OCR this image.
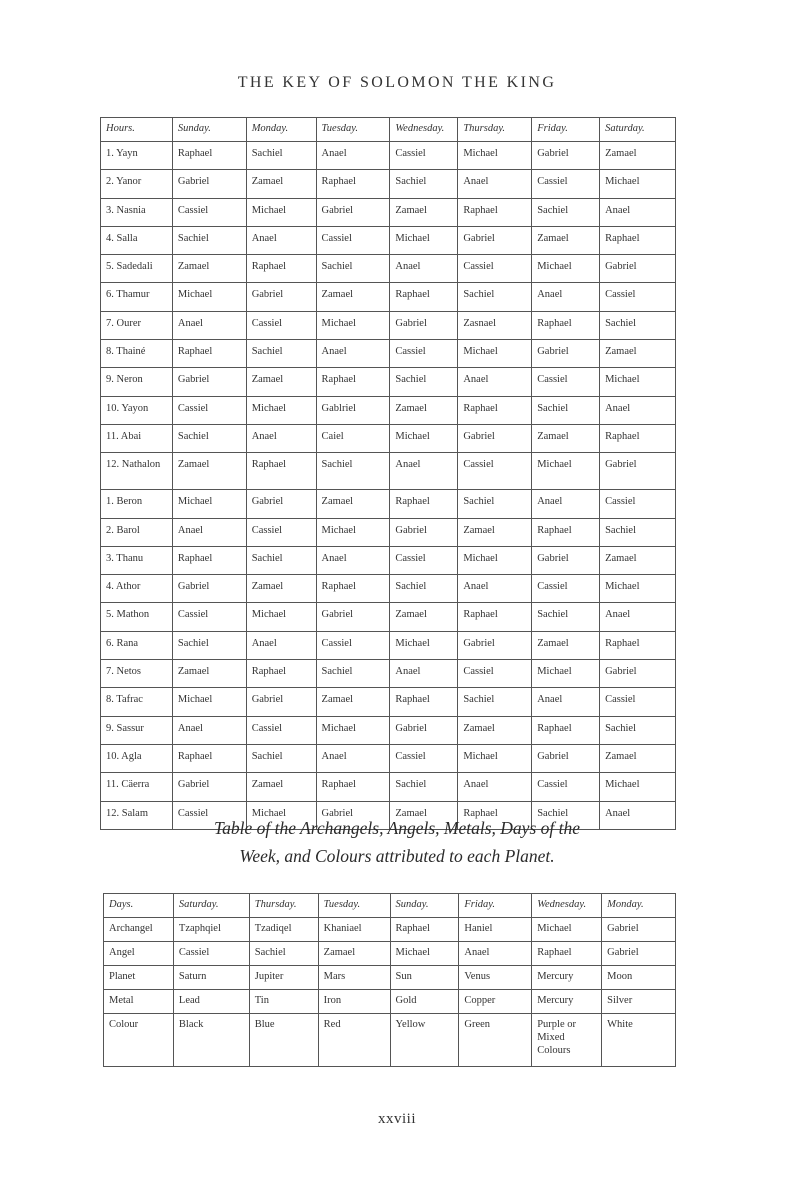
THE KEY OF SOLOMON THE KING
Hours.	Sunday.	Monday.	Tuesday.	Wednesday.	Thursday.	Friday.	Saturday.
1. Yayn	Raphael	Sachiel	Anael	Cassiel	Michael	Gabriel	Zamael
2. Yanor	Gabriel	Zamael	Raphael	Sachiel	Anael	Cassiel	Michael
3. Nasnia	Cassiel	Michael	Gabriel	Zamael	Raphael	Sachiel	Anael
4. Salla	Sachiel	Anael	Cassiel	Michael	Gabriel	Zamael	Raphael
5. Sadedali	Zamael	Raphael	Sachiel	Anael	Cassiel	Michael	Gabriel
6. Thamur	Michael	Gabriel	Zamael	Raphael	Sachiel	Anael	Cassiel
7. Ourer	Anael	Cassiel	Michael	Gabriel	Zasnael	Raphael	Sachiel
8. Thainé	Raphael	Sachiel	Anael	Cassiel	Michael	Gabriel	Zamael
9. Neron	Gabriel	Zamael	Raphael	Sachiel	Anael	Cassiel	Michael
10. Yayon	Cassiel	Michael	Gablriel	Zamael	Raphael	Sachiel	Anael
11. Abai	Sachiel	Anael	Caiel	Michael	Gabriel	Zamael	Raphael
12. Nathalon	Zamael	Raphael	Sachiel	Anael	Cassiel	Michael	Gabriel
1. Beron	Michael	Gabriel	Zamael	Raphael	Sachiel	Anael	Cassiel
2. Barol	Anael	Cassiel	Michael	Gabriel	Zamael	Raphael	Sachiel
3. Thanu	Raphael	Sachiel	Anael	Cassiel	Michael	Gabriel	Zamael
4. Athor	Gabriel	Zamael	Raphael	Sachiel	Anael	Cassiel	Michael
5. Mathon	Cassiel	Michael	Gabriel	Zamael	Raphael	Sachiel	Anael
6. Rana	Sachiel	Anael	Cassiel	Michael	Gabriel	Zamael	Raphael
7. Netos	Zamael	Raphael	Sachiel	Anael	Cassiel	Michael	Gabriel
8. Tafrac	Michael	Gabriel	Zamael	Raphael	Sachiel	Anael	Cassiel
9. Sassur	Anael	Cassiel	Michael	Gabriel	Zamael	Raphael	Sachiel
10. Agla	Raphael	Sachiel	Anael	Cassiel	Michael	Gabriel	Zamael
11. Cäerra	Gabriel	Zamael	Raphael	Sachiel	Anael	Cassiel	Michael
12. Salam	Cassiel	Michael	Gabriel	Zamael	Raphael	Sachiel	Anael
Table of the Archangels, Angels, Metals, Days of the
Week, and Colours attributed to each Planet.
Days.	Saturday.	Thursday.	Tuesday.	Sunday.	Friday.	Wednesday.	Monday.
Archangel	Tzaphqiel	Tzadiqel	Khaniael	Raphael	Haniel	Michael	Gabriel
Angel	Cassiel	Sachiel	Zamael	Michael	Anael	Raphael	Gabriel
Planet	Saturn	Jupiter	Mars	Sun	Venus	Mercury	Moon
Metal	Lead	Tin	Iron	Gold	Copper	Mercury	Silver
Colour	Black	Blue	Red	Yellow	Green	Purple or Mixed Colours	White
xxviii
